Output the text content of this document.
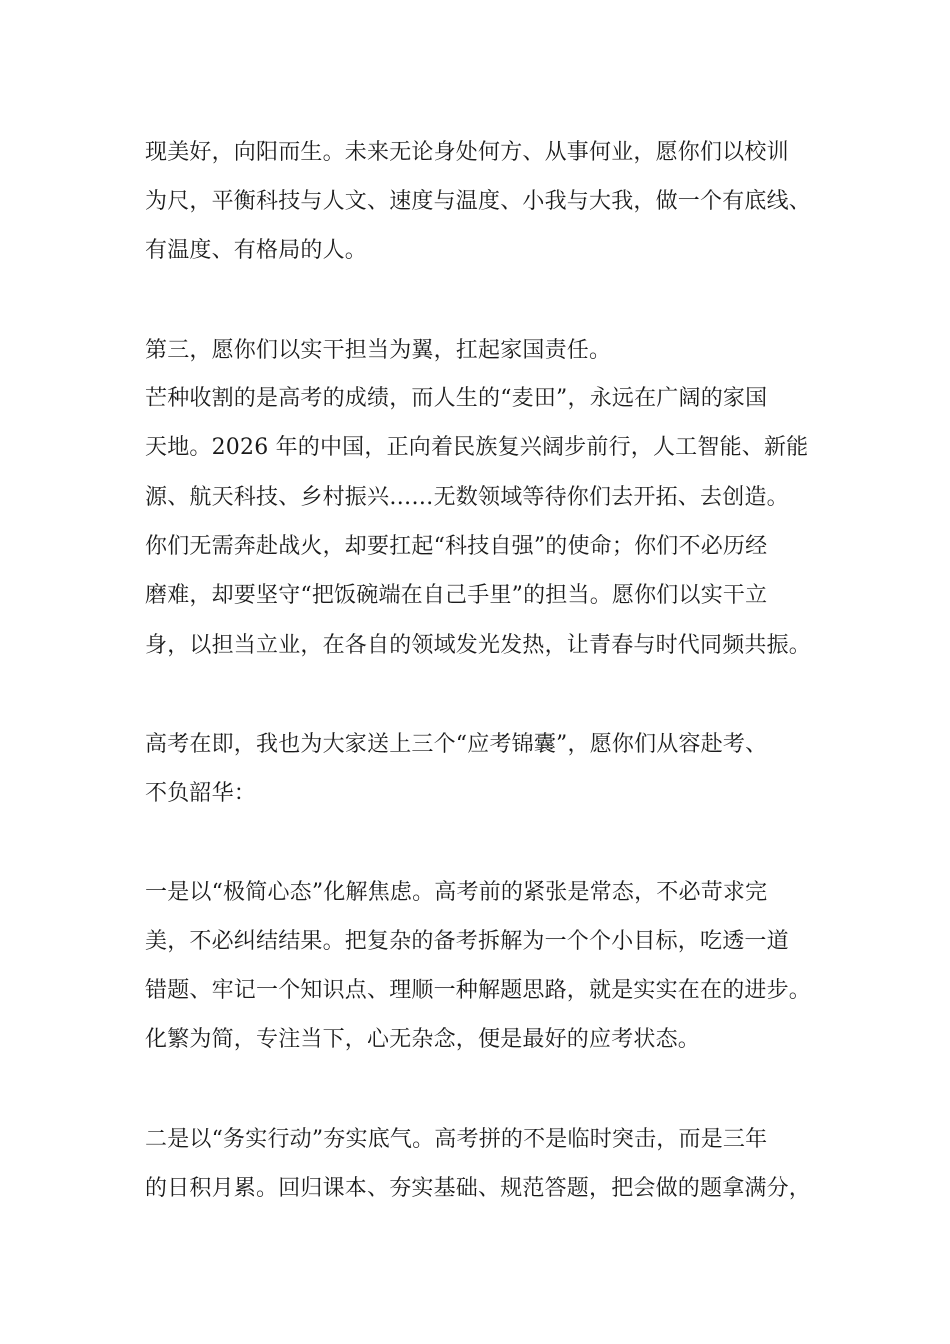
现美好，向阳而生。未来无论身处何方、从事何业，愿你们以校训
为尺，平衡科技与人文、速度与温度、小我与大我，做一个有底线、
有温度、有格局的人。
第三，愿你们以实干担当为翼，扛起家国责任。
芒种收割的是高考的成绩，而人生的“麦田”，永远在广阔的家国
天地。2026 年的中国，正向着民族复兴阔步前行，人工智能、新能
源、航天科技、乡村振兴……无数领域等待你们去开拓、去创造。
你们无需奔赴战火，却要扛起“科技自强”的使命；你们不必历经
磨难，却要坚守“把饭碗端在自己手里”的担当。愿你们以实干立
身，以担当立业，在各自的领域发光发热，让青春与时代同频共振。
高考在即，我也为大家送上三个“应考锦囊”，愿你们从容赴考、
不负韶华：
一是以“极简心态”化解焦虑。高考前的紧张是常态，不必苛求完
美，不必纠结结果。把复杂的备考拆解为一个个小目标，吃透一道
错题、牢记一个知识点、理顺一种解题思路，就是实实在在的进步。
化繁为简，专注当下，心无杂念，便是最好的应考状态。
二是以“务实行动”夯实底气。高考拼的不是临时突击，而是三年
的日积月累。回归课本、夯实基础、规范答题，把会做的题拿满分，
